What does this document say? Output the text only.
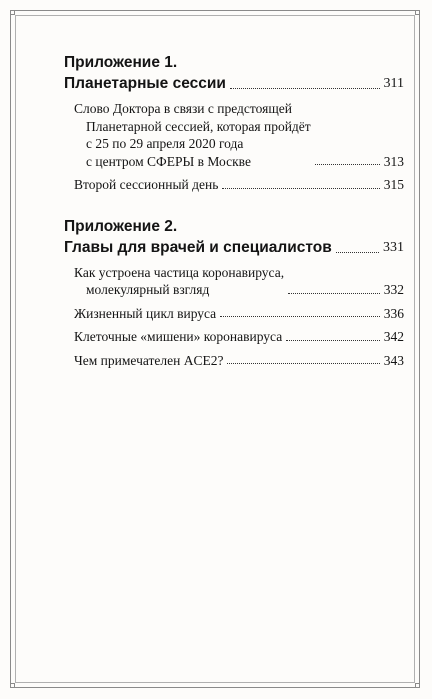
Приложение 1.

Планетарные сессии	311
Слово Доктора в связи с предстоящей
Планетарной сессией, которая пройдёт
с 25 по 29 апреля 2020 года
с центром СФЕРЫ в Москве	313
Второй сессионный день	315

Приложение 2.

Главы для врачей и специалистов	331
Как устроена частица коронавируса,
молекулярный взгляд	332
Жизненный цикл вируса	336
Клеточные «мишени» коронавируса	342
Чем примечателен ACE2?	343
